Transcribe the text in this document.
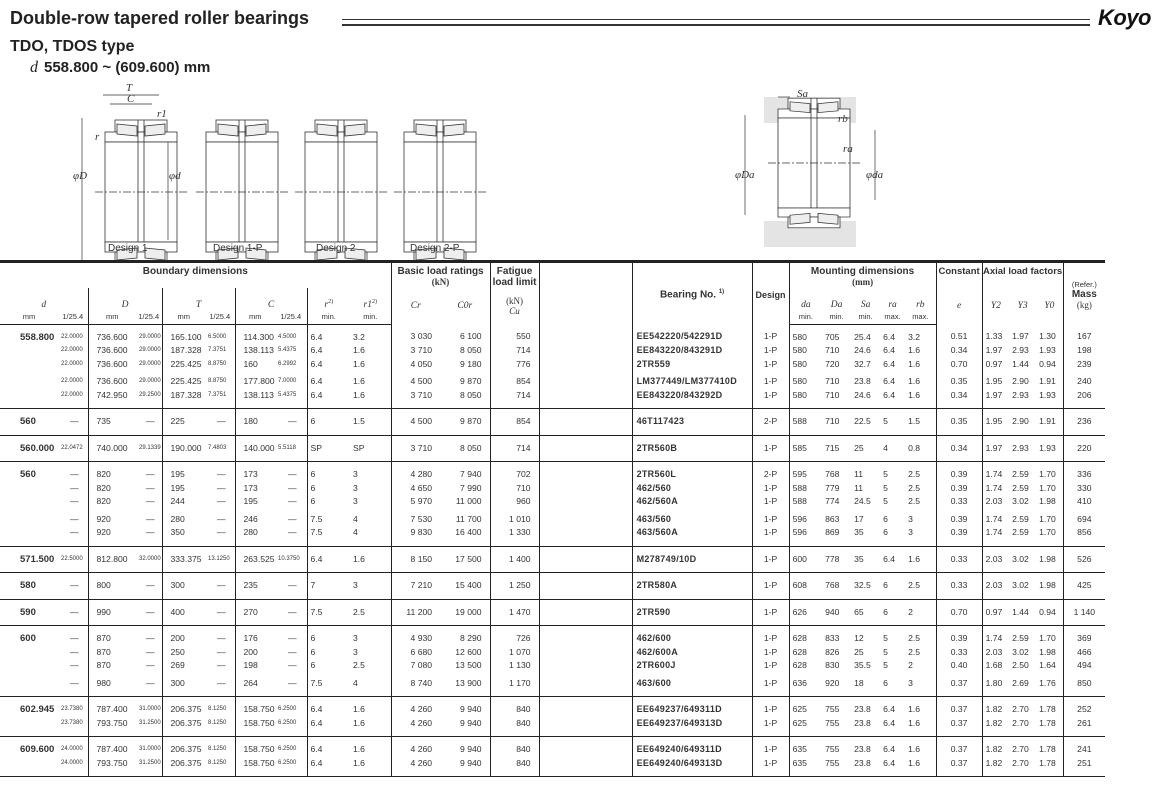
Double-row tapered roller bearings	Koyo
TDO, TDOS type
d 558.800 ~ (609.600) mm
T
C
r1
r
φD	φd
Design 1	Design 1-P	Design 2	Design 2-P
Sa
rb
ra
φDa	φda
Boundary dimensions										Basic load ratings
(kN)		Fatigue load limit		Bearing No. $^{1)}$	Design	Mounting dimensions
(mm)					Constant	Axial load factors			(Refer.)
Mass
(kg)

d		D		T		C		$r^{2)}$	r1$^{2)}$	Cr	C0r	(kN)
Cu				da	Da	Sa	ra	rb	e	Y2	Y3	Y0	
mm	1/25.4	mm	1/25.4	mm	1/25.4	mm	1/25.4	min.	min.							min.	min.	min.	max.	max.					
558.800	22.0000	736.600	29.0000	165.100	6.5000	114.300	4.5000	6.4	3.2	3 030	6 100	550		EE542220/542291D	1-P	580	705	25.4	6.4	3.2	0.51	1.33	1.97	1.30	167
	22.0000	736.600	29.0000	187.328	7.3751	138.113	5.4375	6.4	1.6	3 710	8 050	714		EE843220/843291D	1-P	580	710	24.6	6.4	1.6	0.34	1.97	2.93	1.93	198
	22.0000	736.600	29.0000	225.425	8.8750	160	6.2992	6.4	1.6	4 050	9 180	776		2TR559	1-P	580	720	32.7	6.4	1.6	0.70	0.97	1.44	0.94	239
	22.0000	736.600	29.0000	225.425	8.8750	177.800	7.0000	6.4	1.6	4 500	9 870	854		LM377449/LM377410D	1-P	580	710	23.8	6.4	1.6	0.35	1.95	2.90	1.91	240
	22.0000	742.950	29.2500	187.328	7.3751	138.113	5.4375	6.4	1.6	3 710	8 050	714		EE843220/843292D	1-P	580	710	24.6	6.4	1.6	0.34	1.97	2.93	1.93	206
560	—	735	—	225	—	180	—	6	1.5	4 500	9 870	854		46T117423	2-P	588	710	22.5	5	1.5	0.35	1.95	2.90	1.91	236
560.000	22.0472	740.000	29.1339	190.000	7.4803	140.000	5.5118	SP	SP	3 710	8 050	714		2TR560B	1-P	585	715	25	4	0.8	0.34	1.97	2.93	1.93	220
560	—	820	—	195	—	173	—	6	3	4 280	7 940	702		2TR560L	2-P	595	768	11	5	2.5	0.39	1.74	2.59	1.70	336
	—	820	—	195	—	173	—	6	3	4 650	7 990	710		462/560	1-P	588	779	11	5	2.5	0.39	1.74	2.59	1.70	330
	—	820	—	244	—	195	—	6	3	5 970	11 000	960		462/560A	1-P	588	774	24.5	5	2.5	0.33	2.03	3.02	1.98	410
	—	920	—	280	—	246	—	7.5	4	7 530	11 700	1 010		463/560	1-P	596	863	17	6	3	0.39	1.74	2.59	1.70	694
	—	920	—	350	—	280	—	7.5	4	9 830	16 400	1 330		463/560A	1-P	596	869	35	6	3	0.39	1.74	2.59	1.70	856
571.500	22.5000	812.800	32.0000	333.375	13.1250	263.525	10.3750	6.4	1.6	8 150	17 500	1 400		M278749/10D	1-P	600	778	35	6.4	1.6	0.33	2.03	3.02	1.98	526
580	—	800	—	300	—	235	—	7	3	7 210	15 400	1 250		2TR580A	1-P	608	768	32.5	6	2.5	0.33	2.03	3.02	1.98	425
590	—	990	—	400	—	270	—	7.5	2.5	11 200	19 000	1 470		2TR590	1-P	626	940	65	6	2	0.70	0.97	1.44	0.94	1 140
600	—	870	—	200	—	176	—	6	3	4 930	8 290	726		462/600	1-P	628	833	12	5	2.5	0.39	1.74	2.59	1.70	369
	—	870	—	250	—	200	—	6	3	6 680	12 600	1 070		462/600A	1-P	628	826	25	5	2.5	0.33	2.03	3.02	1.98	466
	—	870	—	269	—	198	—	6	2.5	7 080	13 500	1 130		2TR600J	1-P	628	830	35.5	5	2	0.40	1.68	2.50	1.64	494
	—	980	—	300	—	264	—	7.5	4	8 740	13 900	1 170		463/600	1-P	636	920	18	6	3	0.37	1.80	2.69	1.76	850
602.945	23.7380	787.400	31.0000	206.375	8.1250	158.750	6.2500	6.4	1.6	4 260	9 940	840		EE649237/649311D	1-P	625	755	23.8	6.4	1.6	0.37	1.82	2.70	1.78	252
	23.7380	793.750	31.2500	206.375	8.1250	158.750	6.2500	6.4	1.6	4 260	9 940	840		EE649237/649313D	1-P	625	755	23.8	6.4	1.6	0.37	1.82	2.70	1.78	261
609.600	24.0000	787.400	31.0000	206.375	8.1250	158.750	6.2500	6.4	1.6	4 260	9 940	840		EE649240/649311D	1-P	635	755	23.8	6.4	1.6	0.37	1.82	2.70	1.78	241
	24.0000	793.750	31.2500	206.375	8.1250	158.750	6.2500	6.4	1.6	4 260	9 940	840		EE649240/649313D	1-P	635	755	23.8	6.4	1.6	0.37	1.82	2.70	1.78	251
